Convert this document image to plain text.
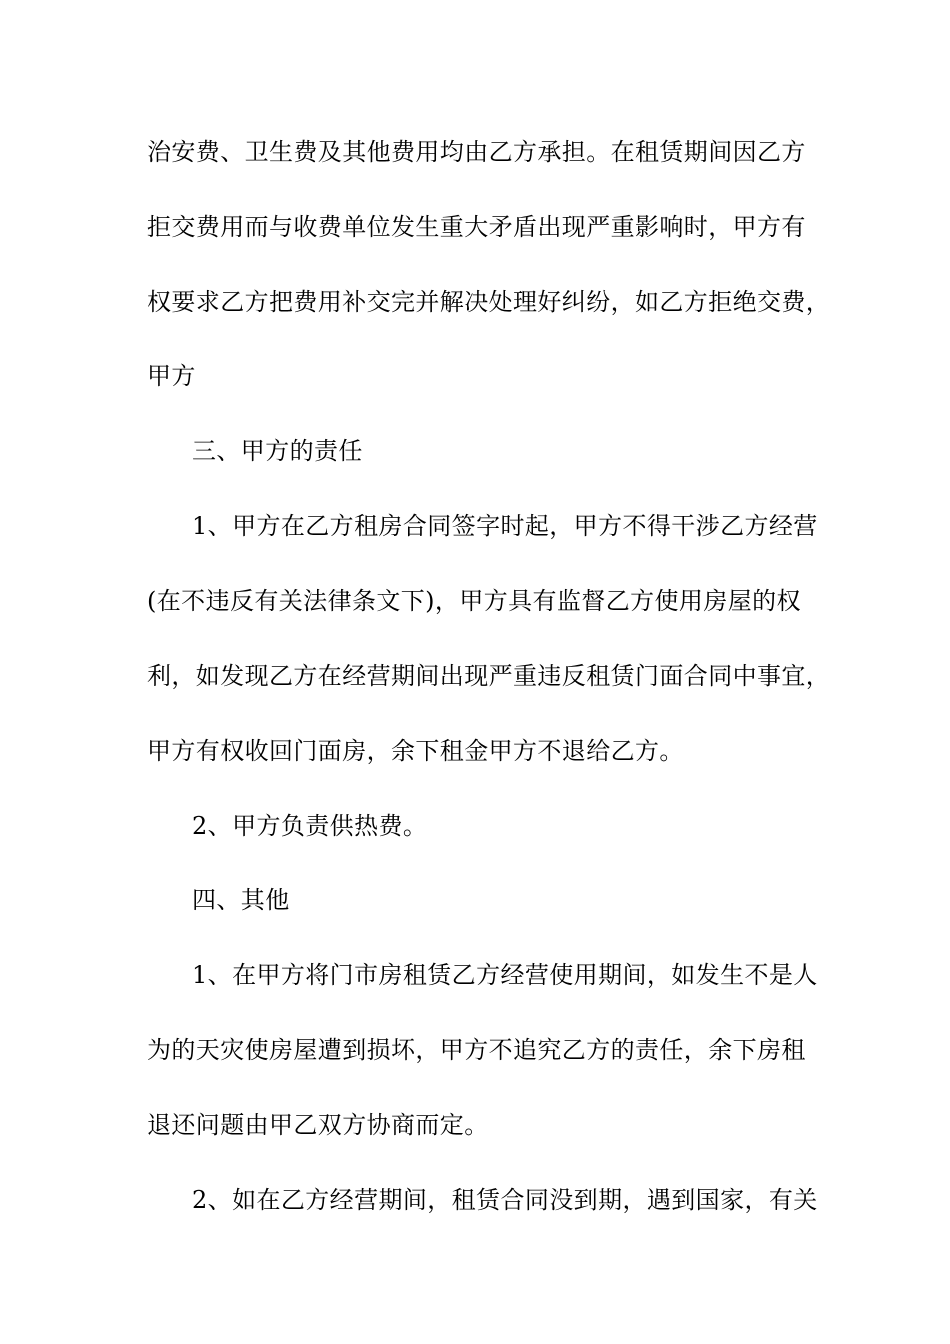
治安费、卫生费及其他费用均由乙方承担。在租赁期间因乙方
拒交费用而与收费单位发生重大矛盾出现严重影响时，甲方有
权要求乙方把费用补交完并解决处理好纠纷，如乙方拒绝交费，
甲方
三、甲方的责任
1、甲方在乙方租房合同签字时起，甲方不得干涉乙方经营
(在不违反有关法律条文下)，甲方具有监督乙方使用房屋的权
利，如发现乙方在经营期间出现严重违反租赁门面合同中事宜，
甲方有权收回门面房，余下租金甲方不退给乙方。
2、甲方负责供热费。
四、其他
1、在甲方将门市房租赁乙方经营使用期间，如发生不是人
为的天灾使房屋遭到损坏，甲方不追究乙方的责任，余下房租
退还问题由甲乙双方协商而定。
2、如在乙方经营期间，租赁合同没到期，遇到国家，有关
